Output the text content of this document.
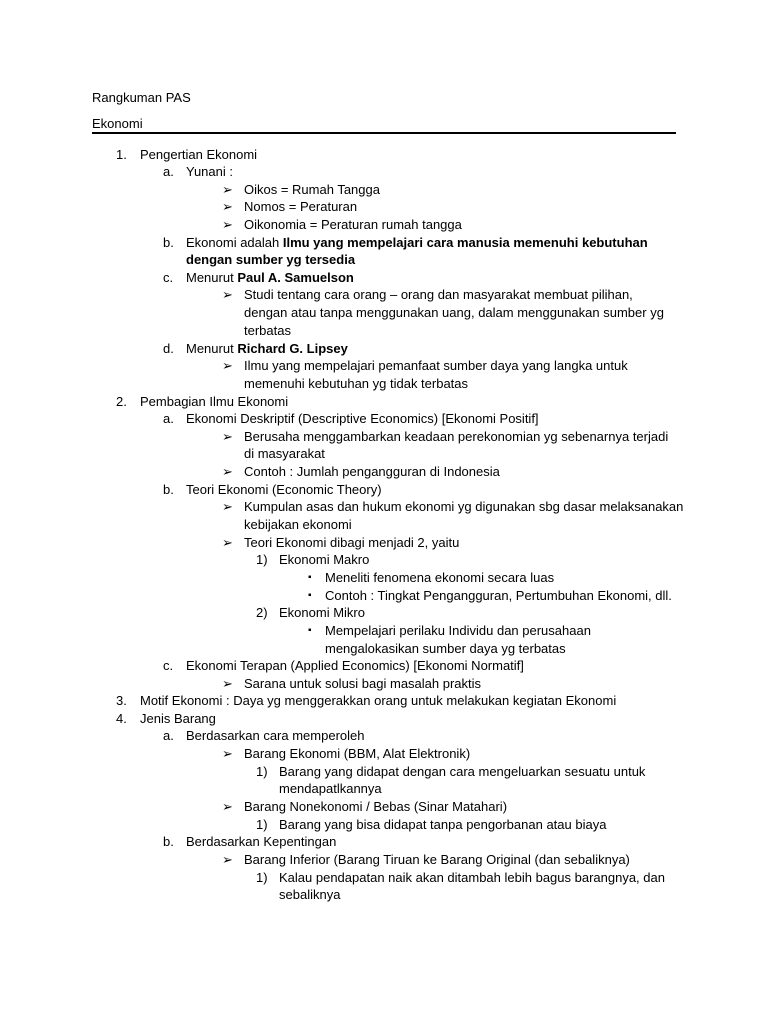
Rangkuman PAS
Ekonomi
1. Pengertian Ekonomi
a. Yunani :
➢ Oikos = Rumah Tangga
➢ Nomos = Peraturan
➢ Oikonomia = Peraturan rumah tangga
b. Ekonomi adalah Ilmu yang mempelajari cara manusia memenuhi kebutuhan
dengan sumber yg tersedia
c. Menurut Paul A. Samuelson
➢ Studi tentang cara orang – orang dan masyarakat membuat pilihan,
dengan atau tanpa menggunakan uang, dalam menggunakan sumber yg
terbatas
d. Menurut Richard G. Lipsey
➢ Ilmu yang mempelajari pemanfaat sumber daya yang langka untuk
memenuhi kebutuhan yg tidak terbatas
2. Pembagian Ilmu Ekonomi
a. Ekonomi Deskriptif (Descriptive Economics) [Ekonomi Positif]
➢ Berusaha menggambarkan keadaan perekonomian yg sebenarnya terjadi
di masyarakat
➢ Contoh : Jumlah pengangguran di Indonesia
b. Teori Ekonomi (Economic Theory)
➢ Kumpulan asas dan hukum ekonomi yg digunakan sbg dasar melaksanakan
kebijakan ekonomi
➢ Teori Ekonomi dibagi menjadi 2, yaitu
1) Ekonomi Makro
▪ Meneliti fenomena ekonomi secara luas
▪ Contoh : Tingkat Pengangguran, Pertumbuhan Ekonomi, dll.
2) Ekonomi Mikro
▪ Mempelajari perilaku Individu dan perusahaan
mengalokasikan sumber daya yg terbatas
c. Ekonomi Terapan (Applied Economics) [Ekonomi Normatif]
➢ Sarana untuk solusi bagi masalah praktis
3. Motif Ekonomi : Daya yg menggerakkan orang untuk melakukan kegiatan Ekonomi
4. Jenis Barang
a. Berdasarkan cara memperoleh
➢ Barang Ekonomi (BBM, Alat Elektronik)
1) Barang yang didapat dengan cara mengeluarkan sesuatu untuk
mendapatlkannya
➢ Barang Nonekonomi / Bebas (Sinar Matahari)
1) Barang yang bisa didapat tanpa pengorbanan atau biaya
b. Berdasarkan Kepentingan
➢ Barang Inferior (Barang Tiruan ke Barang Original (dan sebaliknya)
1) Kalau pendapatan naik akan ditambah lebih bagus barangnya, dan
sebaliknya
